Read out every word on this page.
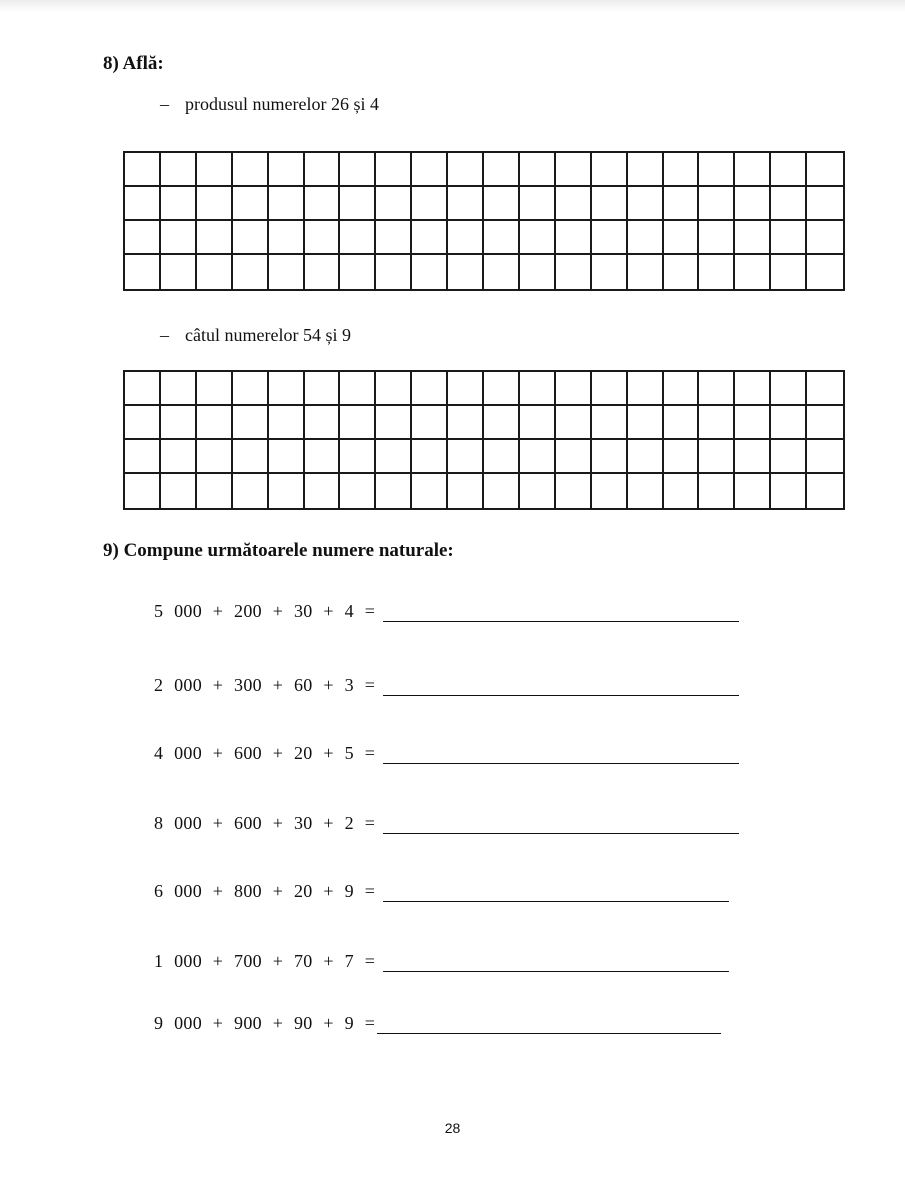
8) Află:
– produsul numerelor 26 și 4
– câtul numerelor 54 și 9
9) Compune următoarele numere naturale:
5 000 + 200 + 30 + 4 =
2 000 + 300 + 60 + 3 =
4 000 + 600 + 20 + 5 =
8 000 + 600 + 30 + 2 =
6 000 + 800 + 20 + 9 =
1 000 + 700 + 70 + 7 =
9 000 + 900 + 90 + 9 =
28
